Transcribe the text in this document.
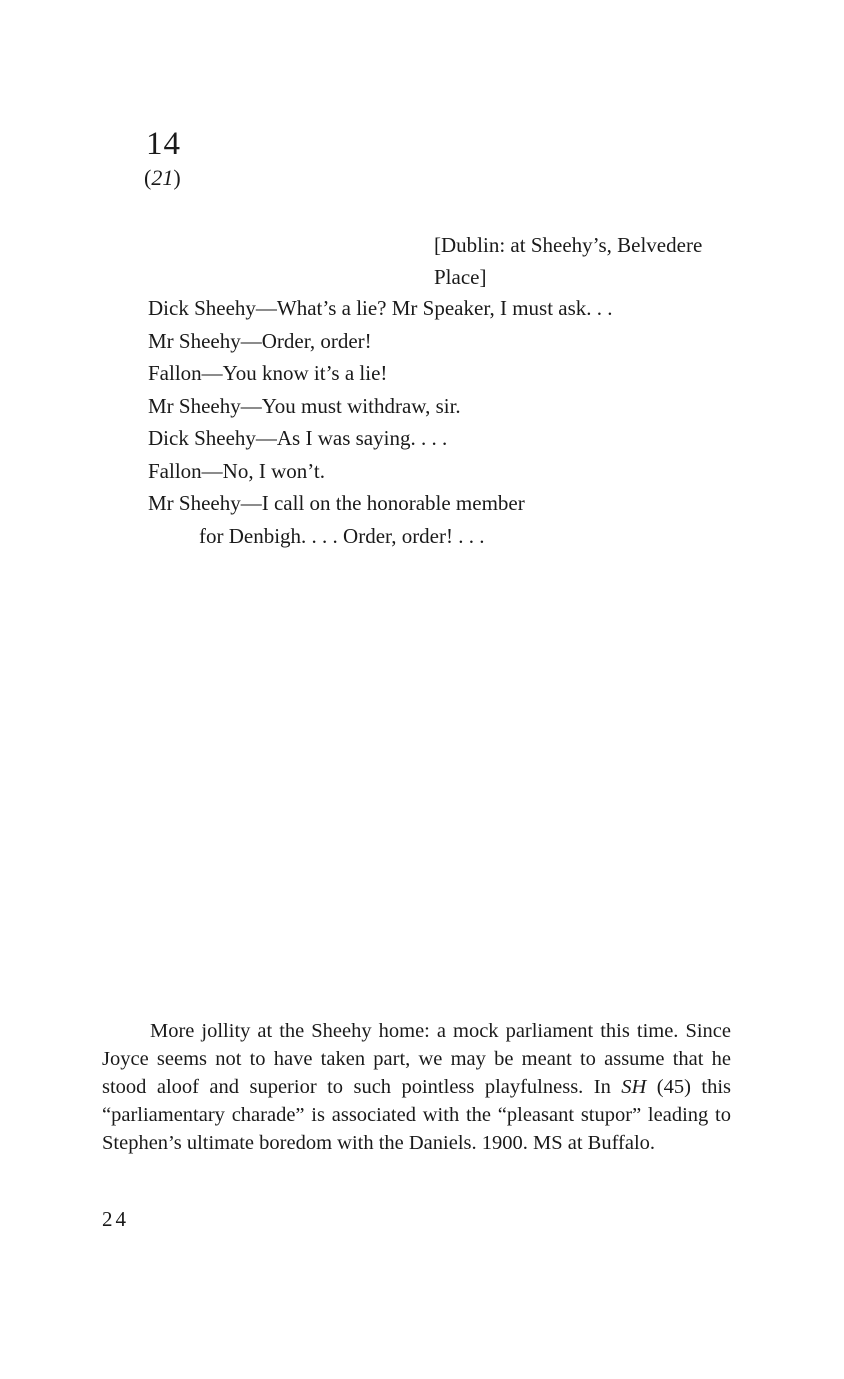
14
(21)
[Dublin: at Sheehy’s, Belvedere
Place]
Dick Sheehy—What’s a lie? Mr Speaker, I must ask. . .
Mr Sheehy—Order, order!
Fallon—You know it’s a lie!
Mr Sheehy—You must withdraw, sir.
Dick Sheehy—As I was saying. . . .
Fallon—No, I won’t.
Mr Sheehy—I call on the honorable member
for Denbigh. . . . Order, order! . . .

More jollity at the Sheehy home: a mock parliament this time. Since Joyce seems not to have taken part, we may be meant to assume that he stood aloof and superior to such pointless playfulness. In SH (45) this “parliamentary charade” is associated with the “pleasant stupor” leading to Stephen’s ultimate boredom with the Daniels. 1900. MS at Buffalo.

24
